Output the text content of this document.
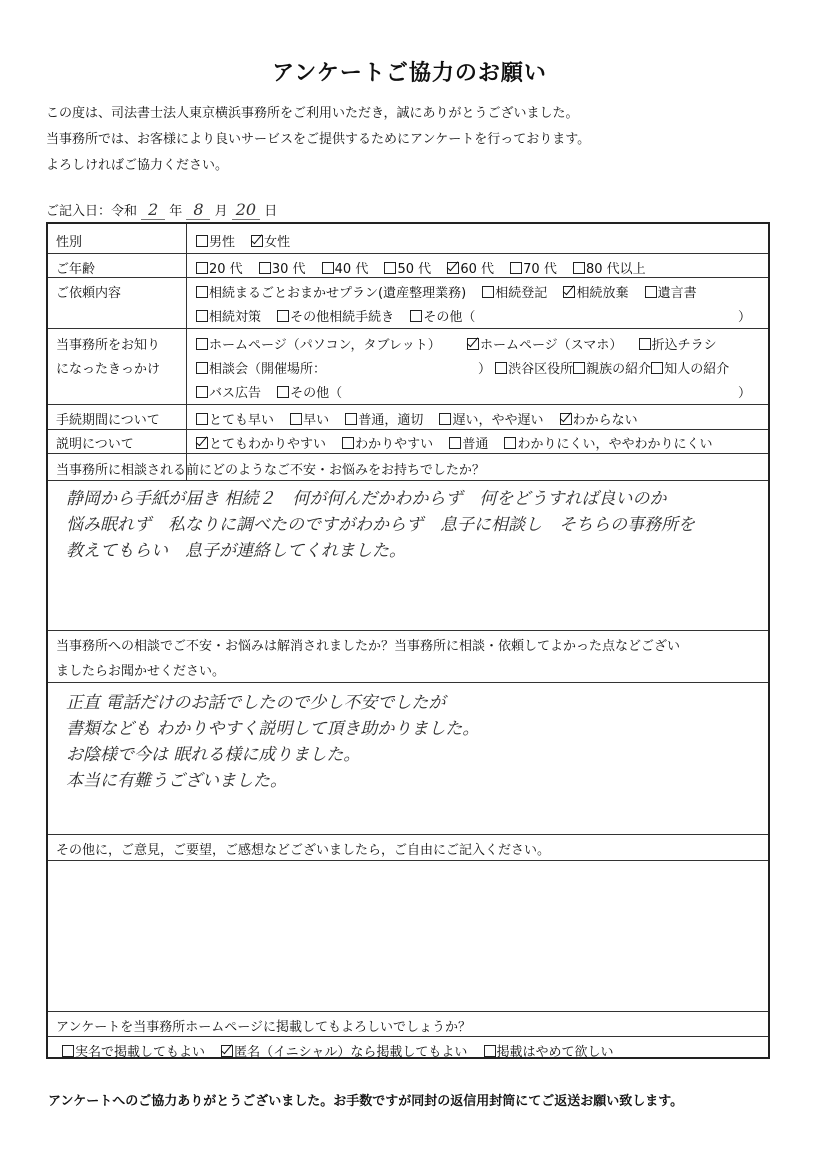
アンケートご協力のお願い
この度は、司法書士法人東京横浜事務所をご利用いただき，誠にありがとうございました。
当事務所では、お客様により良いサービスをご提供するためにアンケートを行っております。
よろしければご協力ください。
ご記入日：令和 2 年 8 月 20 日
性別	男性 女性
ご年齢	20 代 30 代 40 代 50 代 60 代 70 代 80 代以上
ご依頼内容	相続まるごとおまかせプラン(遺産整理業務) 相続登記 相続放棄 遺言書
相続対策 その他相続手続き その他（	）
当事務所をお知り
になったきっかけ
ホームページ（パソコン，タブレット）	ホームページ（スマホ） 折込チラシ
相談会（開催場所：	） 渋谷区役所 親族の紹介 知人の紹介
バス広告 その他（	）
手続期間について	とても早い 早い 普通，適切 遅い，やや遅い わからない
説明について	とてもわかりやすい わかりやすい 普通 わかりにくい，ややわかりにくい
当事務所に相談される前にどのようなご不安・お悩みをお持ちでしたか？
静岡から手紙が届き 相続２　何が何んだかわからず　何をどうすれば良いのか
悩み眠れず　私なりに調べたのですがわからず　息子に相談し　そちらの事務所を
教えてもらい　息子が連絡してくれました。
当事務所への相談でご不安・お悩みは解消されましたか？当事務所に相談・依頼してよかった点などござい
ましたらお聞かせください。
正直 電話だけのお話でしたので少し不安でしたが
書類なども わかりやすく説明して頂き助かりました。
お陰様で今は 眠れる様に成りました。
本当に有難うございました。
その他に，ご意見，ご要望，ご感想などございましたら，ご自由にご記入ください。
アンケートを当事務所ホームページに掲載してもよろしいでしょうか？
実名で掲載してもよい 匿名（イニシャル）なら掲載してもよい 掲載はやめて欲しい
アンケートへのご協力ありがとうございました。お手数ですが同封の返信用封筒にてご返送お願い致します。
